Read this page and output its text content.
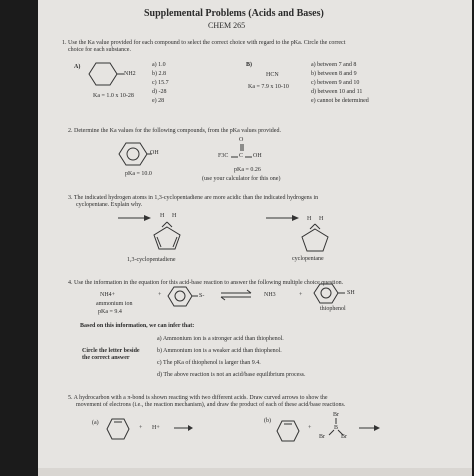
Supplemental Problems (Acids and Bases)
CHEM 265
1. Use the Ka value provided for each compound to select the correct choice with regard to the pKa. Circle the correct
choice for each substance.
A)
NH2
Ka = 1.0 x 10-28
a) 1.0
b) 2.8
c) 15.7
d) -28
e) 28
B)
HCN
Ka = 7.9 x 10-10
a) between 7 and 8
b) between 8 and 9
c) between 9 and 10
d) between 10 and 11
e) cannot be determined
2. Determine the Ka values for the following compounds, from the pKa values provided.
OH
pKa = 10.0
O
F3C C OH
pKa = 0.26
(use your calculator for this one)
3. The indicated hydrogen atoms in 1,3-cyclopentadiene are more acidic than the indicated hydrogens in
cyclopentane. Explain why.
H H
1,3-cyclopentadiene
H H
cyclopentane
4. Use the information in the equation for this acid-base reaction to answer the following multiple choice question.
NH4+	+	S- ⇌ NH3	+	SH
ammonium ion
pKa = 9.4	thiophenol
Based on this information, we can infer that:
Circle the letter beside
the correct answer
a) Ammonium ion is a stronger acid than thiophenol.
b) Ammonium ion is a weaker acid than thiophenol.
c) The pKa of thiophenol is larger than 9.4.
d) The above reaction is not an acid/base equilibrium process.
5. A hydrocarbon with a π-bond is shown reacting with two different acids. Draw curved arrows to show the
movement of electrons (i.e., the reaction mechanism), and draw the product of each of these acid/base reactions.
(a)
+ H+
(b)
+
Br
B
Br	Br
